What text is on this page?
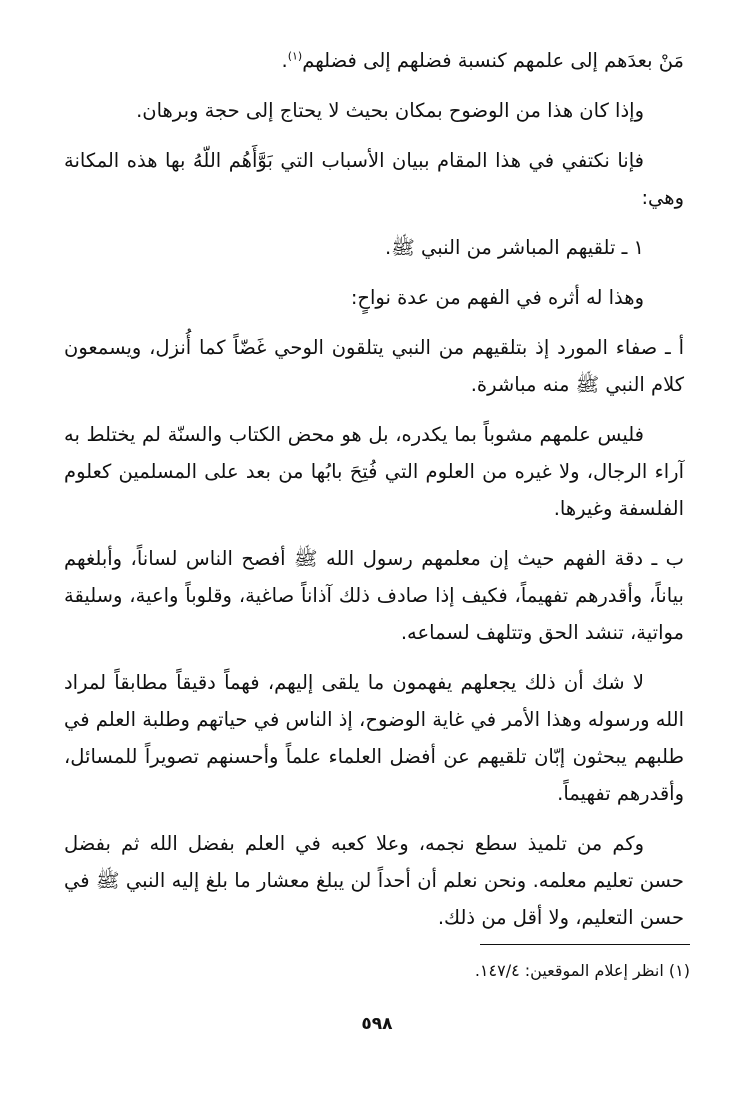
مَنْ بعدَهم إلى علمهم كنسبة فضلهم إلى فضلهم$^{(١)}$.

وإذا كان هذا من الوضوح بمكان بحيث لا يحتاج إلى حجة وبرهان.

فإنا نكتفي في هذا المقام ببيان الأسباب التي بَوَّأَهُم اللّهُ بها هذه المكانة وهي:

١ ـ تلقيهم المباشر من النبي ﷺ.

وهذا له أثره في الفهم من عدة نواحٍ:

أ ـ صفاء المورد إذ بتلقيهم من النبي يتلقون الوحي غَضّاً كما أُنزل، ويسمعون كلام النبي ﷺ منه مباشرة.

فليس علمهم مشوباً بما يكدره، بل هو محض الكتاب والسنّة لم يختلط به آراء الرجال، ولا غيره من العلوم التي فُتِحَ بابُها من بعد على المسلمين كعلوم الفلسفة وغيرها.

ب ـ دقة الفهم حيث إن معلمهم رسول الله ﷺ أفصح الناس لساناً، وأبلغهم بياناً، وأقدرهم تفهيماً، فكيف إذا صادف ذلك آذاناً صاغية، وقلوباً واعية، وسليقة مواتية، تنشد الحق وتتلهف لسماعه.

لا شك أن ذلك يجعلهم يفهمون ما يلقى إليهم، فهماً دقيقاً مطابقاً لمراد الله ورسوله وهذا الأمر في غاية الوضوح، إذ الناس في حياتهم وطلبة العلم في طلبهم يبحثون إبّان تلقيهم عن أفضل العلماء علماً وأحسنهم تصويراً للمسائل، وأقدرهم تفهيماً.

وكم من تلميذ سطع نجمه، وعلا كعبه في العلم بفضل الله ثم بفضل حسن تعليم معلمه. ونحن نعلم أن أحداً لن يبلغ معشار ما بلغ إليه النبي ﷺ في حسن التعليم، ولا أقل من ذلك.

(١) انظر إعلام الموقعين: ١٤٧/٤.
٥٩٨
